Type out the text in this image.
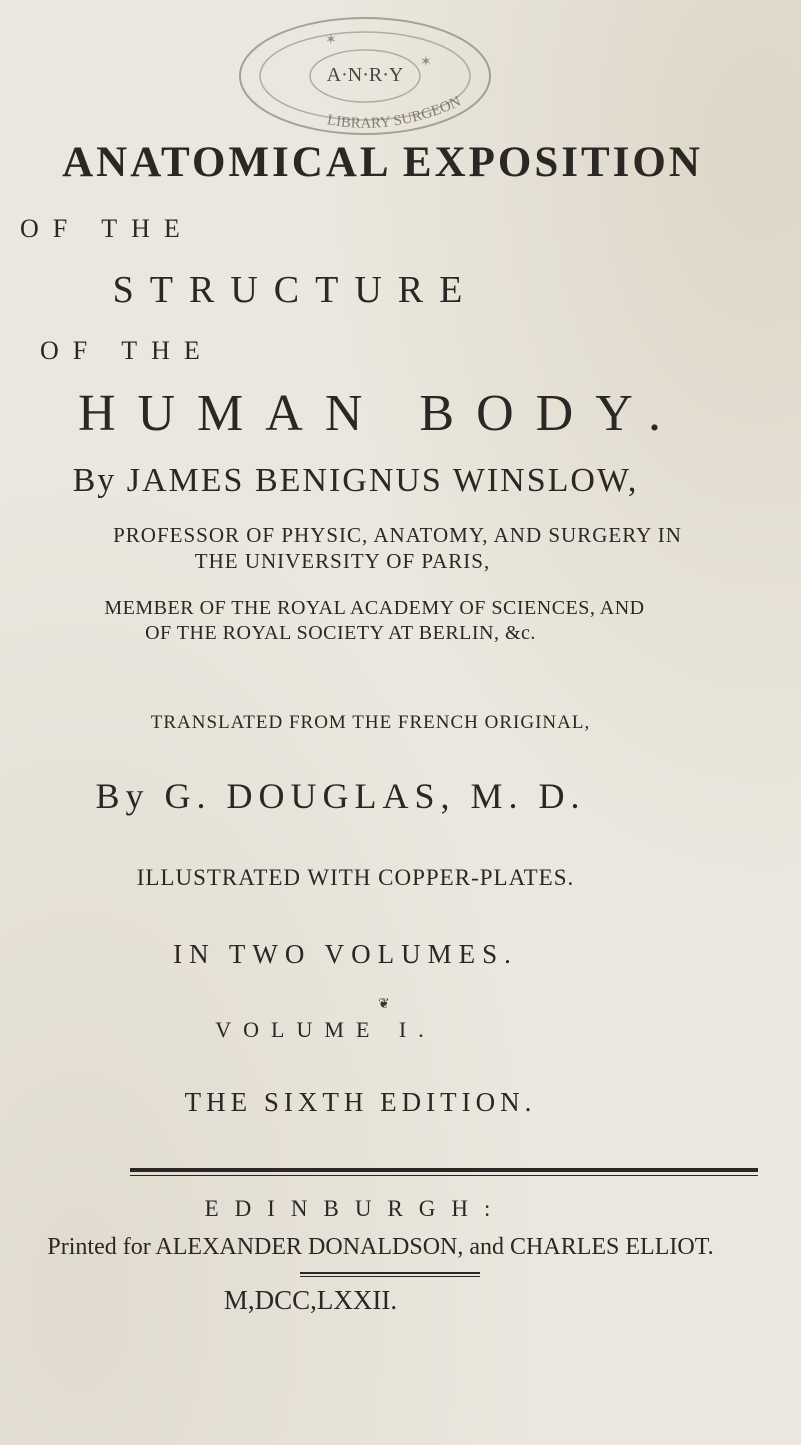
A·N·R·Y
LIBRARY SURGEON
✶
✶
ANATOMICAL EXPOSITION
OF THE
STRUCTURE
OF THE
HUMAN BODY.
By JAMES BENIGNUS WINSLOW,
PROFESSOR OF PHYSIC, ANATOMY, AND SURGERY IN
THE UNIVERSITY OF PARIS,
MEMBER OF THE ROYAL ACADEMY OF SCIENCES, AND
OF THE ROYAL SOCIETY AT BERLIN, &c.
TRANSLATED FROM THE FRENCH ORIGINAL,
By G. DOUGLAS, M. D.
ILLUSTRATED WITH COPPER-PLATES.
IN TWO VOLUMES.
❦
VOLUME I.
THE SIXTH EDITION.
EDINBURGH:
Printed for ALEXANDER DONALDSON, and CHARLES ELLIOT.
M,DCC,LXXII.
